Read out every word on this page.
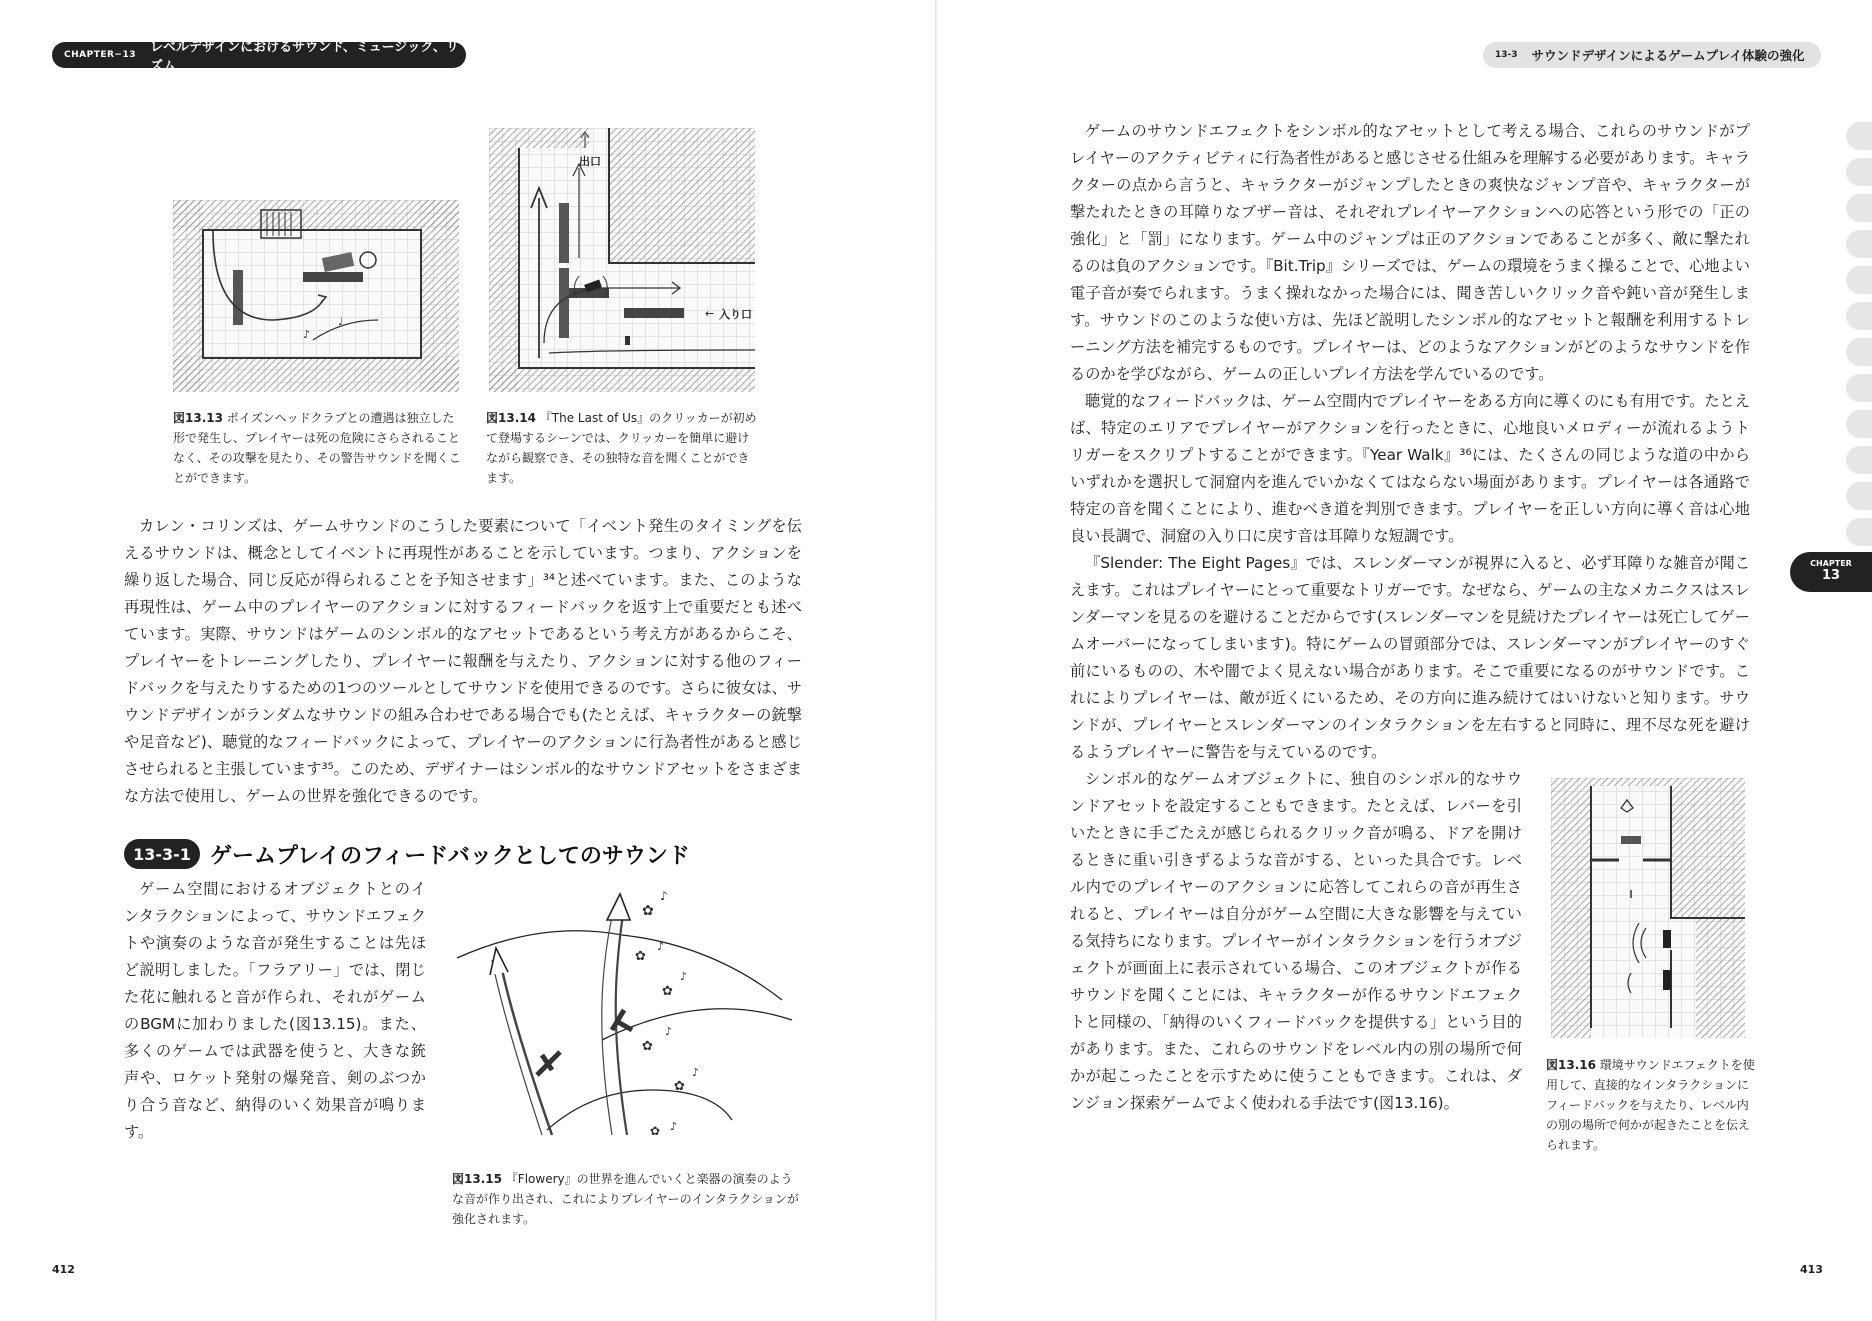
CHAPTER−13 レベルデザインにおけるサウンド、ミュージック、リズム
13-3 サウンドデザインによるゲームプレイ体験の強化
CHAPTER
13
♩
♪
図13.13 ポイズンヘッドクラブとの遭遇は独立した形で発生し、プレイヤーは死の危険にさらされることなく、その攻撃を見たり、その警告サウンドを聞くことができます。
出口
← 入り口
図13.14 『The Last of Us』のクリッカーが初めて登場するシーンでは、クリッカーを簡単に避けながら観察でき、その独特な音を聞くことができます。
カレン・コリンズは、ゲームサウンドのこうした要素について「イベント発生のタイミングを伝えるサウンドは、概念としてイベントに再現性があることを示しています。つまり、アクションを繰り返した場合、同じ反応が得られることを予知させます」³⁴と述べています。また、このような再現性は、ゲーム中のプレイヤーのアクションに対するフィードバックを返す上で重要だとも述べています。実際、サウンドはゲームのシンボル的なアセットであるという考え方があるからこそ、プレイヤーをトレーニングしたり、プレイヤーに報酬を与えたり、アクションに対する他のフィードバックを与えたりするための1つのツールとしてサウンドを使用できるのです。さらに彼女は、サウンドデザインがランダムなサウンドの組み合わせである場合でも(たとえば、キャラクターの銃撃や足音など)、聴覚的なフィードバックによって、プレイヤーのアクションに行為者性があると感じさせられると主張しています³⁵。このため、デザイナーはシンボル的なサウンドアセットをさまざまな方法で使用し、ゲームの世界を強化できるのです。
13-3-1 ゲームプレイのフィードバックとしてのサウンド
ゲーム空間におけるオブジェクトとのインタラクションによって、サウンドエフェクトや演奏のような音が発生することは先ほど説明しました。「フラアリー」では、閉じた花に触れると音が作られ、それがゲームのBGMに加わりました(図13.15)。また、多くのゲームでは武器を使うと、大きな銃声や、ロケット発射の爆発音、剣のぶつかり合う音など、納得のいく効果音が鳴ります。
✿
♪
✿
♪
✿
♪
✿
♪
✿
♪
✿ ♪
図13.15 『Flowery』の世界を進んでいくと楽器の演奏のような音が作り出され、これによりプレイヤーのインタラクションが強化されます。
412
ゲームのサウンドエフェクトをシンボル的なアセットとして考える場合、これらのサウンドがプレイヤーのアクティビティに行為者性があると感じさせる仕組みを理解する必要があります。キャラクターの点から言うと、キャラクターがジャンプしたときの爽快なジャンプ音や、キャラクターが撃たれたときの耳障りなブザー音は、それぞれプレイヤーアクションへの応答という形での「正の強化」と「罰」になります。ゲーム中のジャンプは正のアクションであることが多く、敵に撃たれるのは負のアクションです。『Bit.Trip』シリーズでは、ゲームの環境をうまく操ることで、心地よい電子音が奏でられます。うまく操れなかった場合には、聞き苦しいクリック音や鈍い音が発生します。サウンドのこのような使い方は、先ほど説明したシンボル的なアセットと報酬を利用するトレーニング方法を補完するものです。プレイヤーは、どのようなアクションがどのようなサウンドを作るのかを学びながら、ゲームの正しいプレイ方法を学んでいるのです。
聴覚的なフィードバックは、ゲーム空間内でプレイヤーをある方向に導くのにも有用です。たとえば、特定のエリアでプレイヤーがアクションを行ったときに、心地良いメロディーが流れるようトリガーをスクリプトすることができます。『Year Walk』³⁶には、たくさんの同じような道の中からいずれかを選択して洞窟内を進んでいかなくてはならない場面があります。プレイヤーは各通路で特定の音を聞くことにより、進むべき道を判別できます。プレイヤーを正しい方向に導く音は心地良い長調で、洞窟の入り口に戻す音は耳障りな短調です。
『Slender: The Eight Pages』では、スレンダーマンが視界に入ると、必ず耳障りな雑音が聞こえます。これはプレイヤーにとって重要なトリガーです。なぜなら、ゲームの主なメカニクスはスレンダーマンを見るのを避けることだからです(スレンダーマンを見続けたプレイヤーは死亡してゲームオーバーになってしまいます)。特にゲームの冒頭部分では、スレンダーマンがプレイヤーのすぐ前にいるものの、木や闇でよく見えない場合があります。そこで重要になるのがサウンドです。これによりプレイヤーは、敵が近くにいるため、その方向に進み続けてはいけないと知ります。サウンドが、プレイヤーとスレンダーマンのインタラクションを左右すると同時に、理不尽な死を避けるようプレイヤーに警告を与えているのです。
シンボル的なゲームオブジェクトに、独自のシンボル的なサウンドアセットを設定することもできます。たとえば、レバーを引いたときに手ごたえが感じられるクリック音が鳴る、ドアを開けるときに重い引きずるような音がする、といった具合です。レベル内でのプレイヤーのアクションに応答してこれらの音が再生されると、プレイヤーは自分がゲーム空間に大きな影響を与えている気持ちになります。プレイヤーがインタラクションを行うオブジェクトが画面上に表示されている場合、このオブジェクトが作るサウンドを聞くことには、キャラクターが作るサウンドエフェクトと同様の、「納得のいくフィードバックを提供する」という目的があります。また、これらのサウンドをレベル内の別の場所で何かが起こったことを示すために使うこともできます。これは、ダンジョン探索ゲームでよく使われる手法です(図13.16)。
図13.16 環境サウンドエフェクトを使用して、直接的なインタラクションにフィードバックを与えたり、レベル内の別の場所で何かが起きたことを伝えられます。
413
